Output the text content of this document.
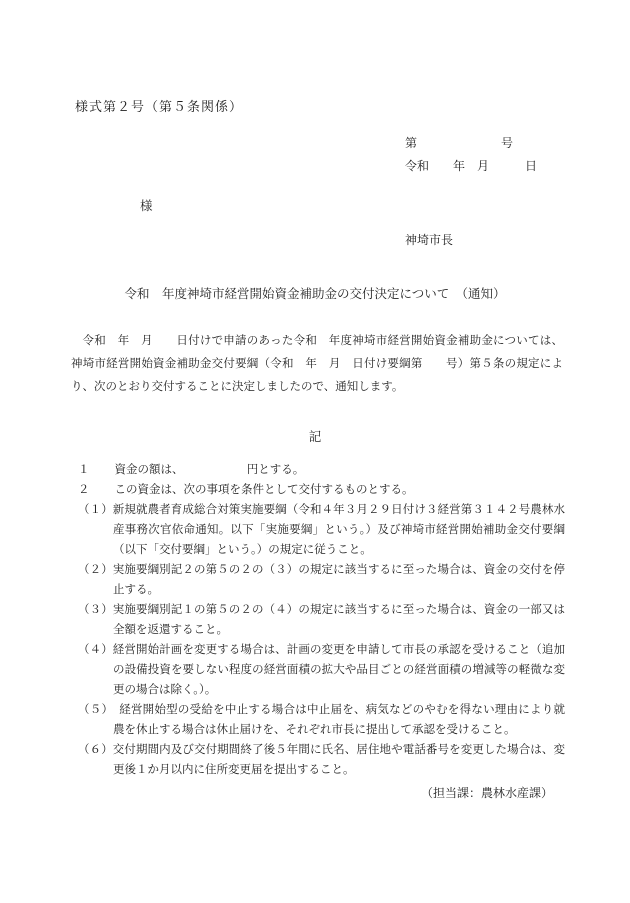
様式第２号（第５条関係）
第　　　　　　　号
令和　　年　月　　　日
様
神埼市長
令和　年度神埼市経営開始資金補助金の交付決定について　（通知）
令和　年　月　　日付けで申請のあった令和　年度神埼市経営開始資金補助金については、神埼市経営開始資金補助金交付要綱（令和　年　月　日付け要綱第　　号）第５条の規定により、次のとおり交付することに決定しましたので、通知します。
記
１ 資金の額は、　　　　　　円とする。
２ この資金は、次の事項を条件として交付するものとする。
（１）新規就農者育成総合対策実施要綱（令和４年３月２９日付け３経営第３１４２号農林水産事務次官依命通知。以下「実施要綱」という。）及び神埼市経営開始補助金交付要綱（以下「交付要綱」という。）の規定に従うこと。
（２）実施要綱別記２の第５の２の（３）の規定に該当するに至った場合は、資金の交付を停止する。
（３）実施要綱別記１の第５の２の（４）の規定に該当するに至った場合は、資金の一部又は全額を返還すること。
（４）経営開始計画を変更する場合は、計画の変更を申請して市長の承認を受けること（追加の設備投資を要しない程度の経営面積の拡大や品目ごとの経営面積の増減等の軽微な変更の場合は除く。）。
（５）　経営開始型の受給を中止する場合は中止届を、病気などのやむを得ない理由により就農を休止する場合は休止届けを、それぞれ市長に提出して承認を受けること。
（６）交付期間内及び交付期間終了後５年間に氏名、居住地や電話番号を変更した場合は、変更後１か月以内に住所変更届を提出すること。
（担当課：農林水産課）
